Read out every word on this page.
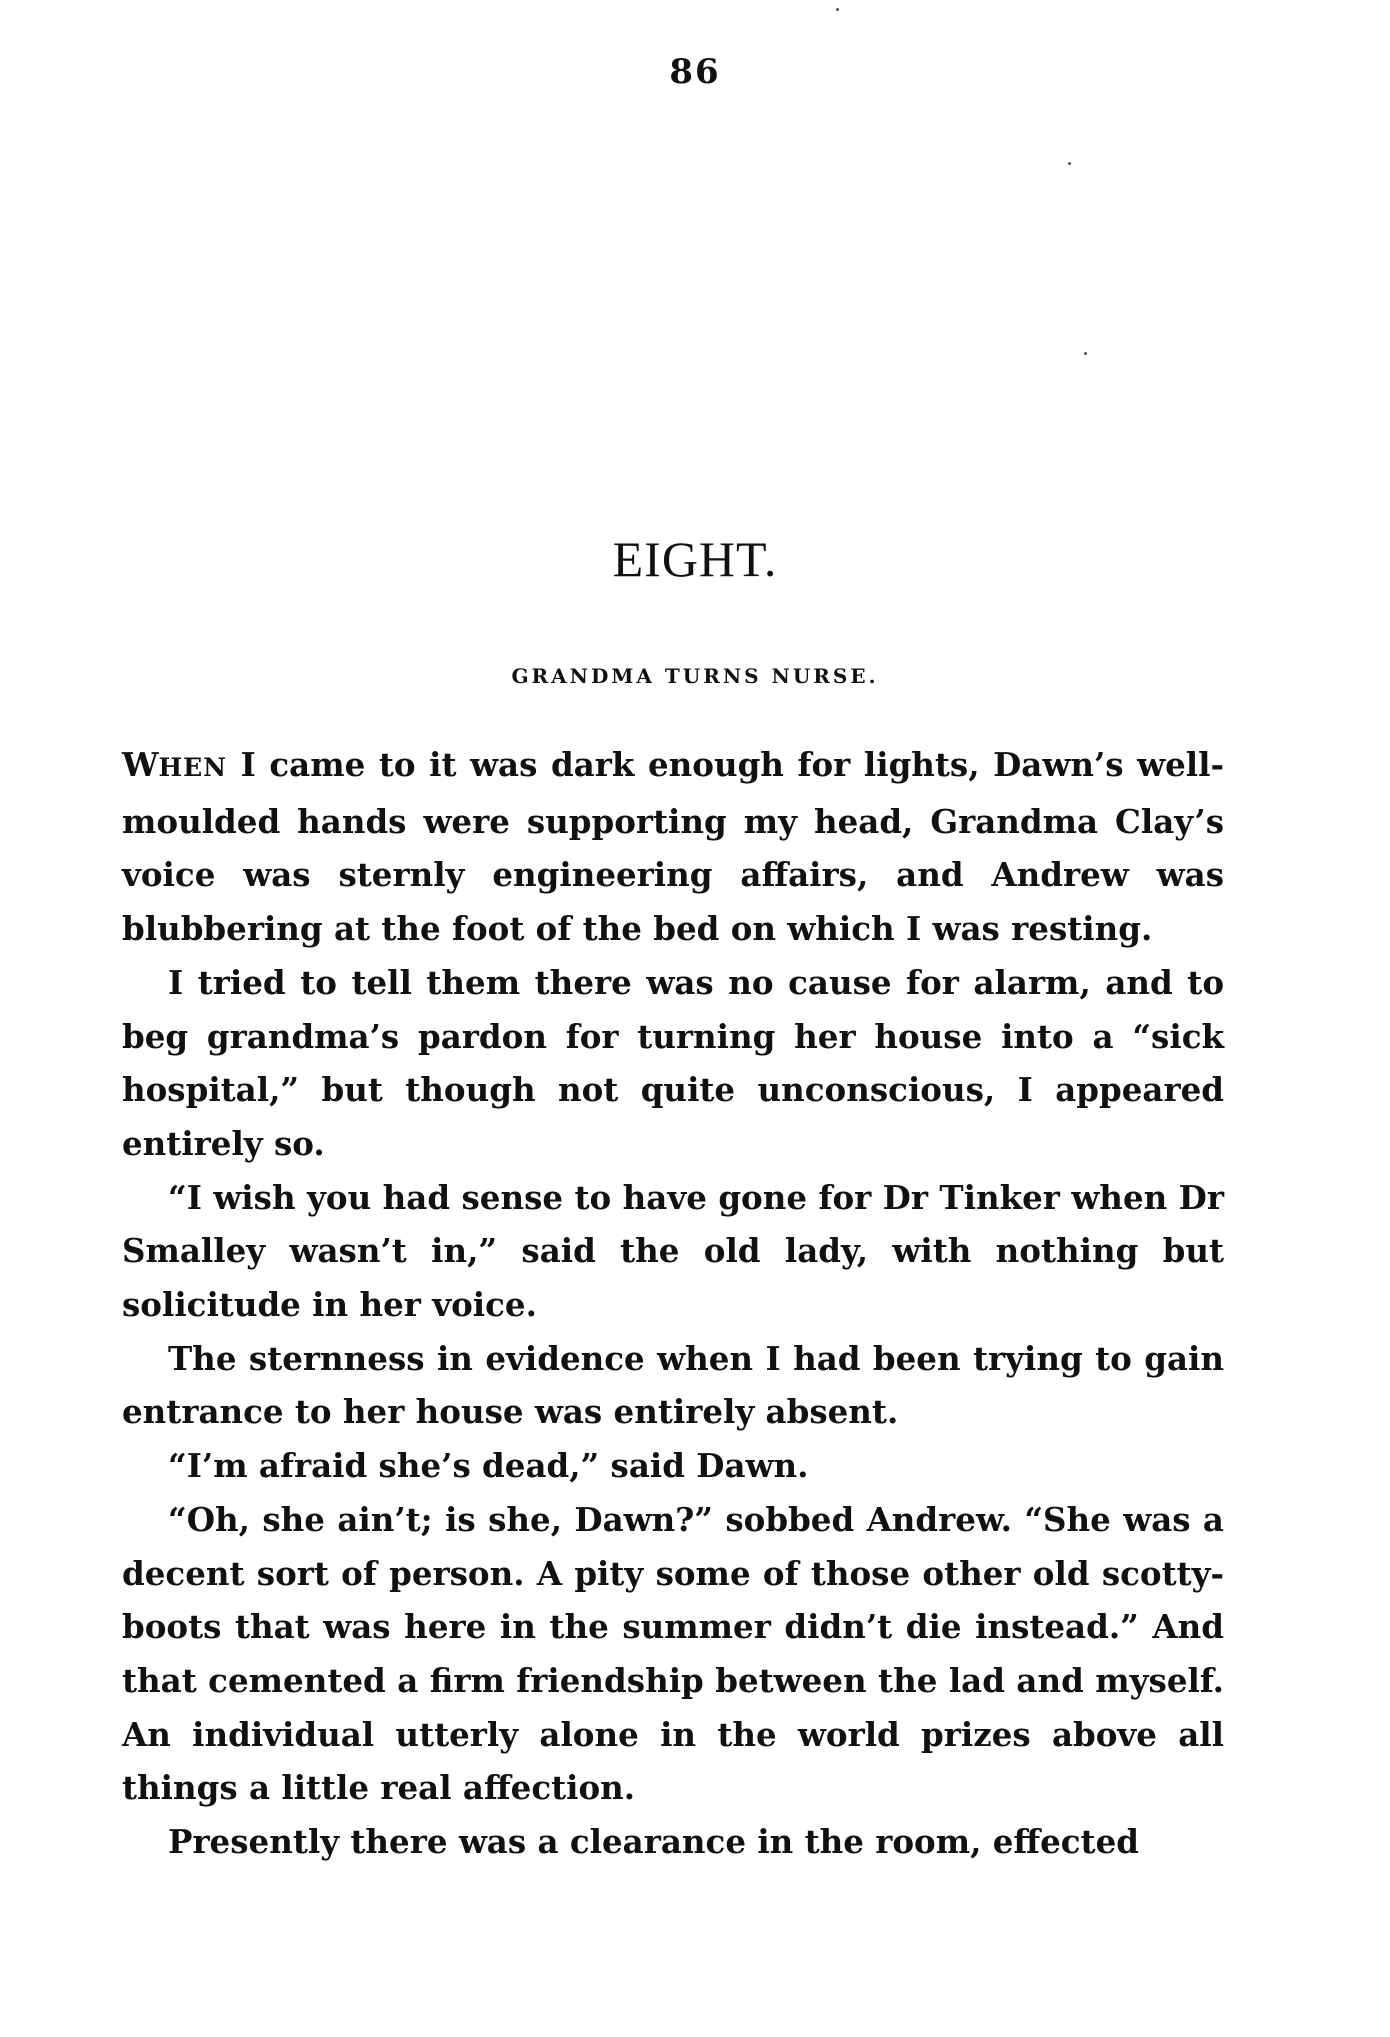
86
EIGHT.
GRANDMA TURNS NURSE.

WHEN I came to it was dark enough for lights, Dawn’s well-moulded hands were supporting my head, Grandma Clay’s voice was sternly engineering affairs, and Andrew was blubbering at the foot of the bed on which I was resting.

I tried to tell them there was no cause for alarm, and to beg grandma’s pardon for turning her house into a “sick hospital,” but though not quite unconscious, I appeared entirely so.

“I wish you had sense to have gone for Dr Tinker when Dr Smalley wasn’t in,” said the old lady, with nothing but solicitude in her voice.

The sternness in evidence when I had been trying to gain entrance to her house was entirely absent.

“I’m afraid she’s dead,” said Dawn.

“Oh, she ain’t; is she, Dawn?” sobbed Andrew. “She was a decent sort of person. A pity some of those other old scotty-boots that was here in the summer didn’t die instead.” And that cemented a firm friendship between the lad and myself. An individual utterly alone in the world prizes above all things a little real affection.

Presently there was a clearance in the room, effected
